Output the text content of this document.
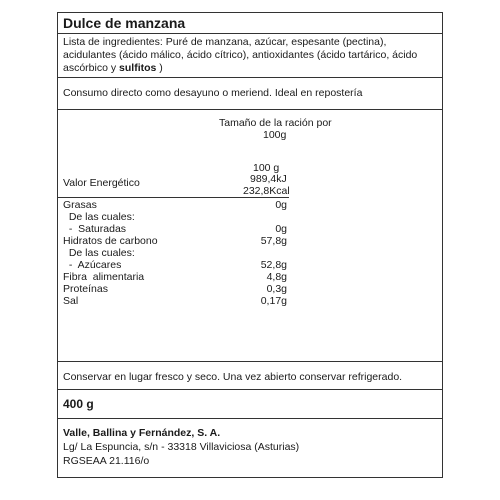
Dulce de manzana
Lista de ingredientes: Puré de manzana, azúcar, espesante (pectina),
acidulantes (ácido málico, ácido cítrico), antioxidantes (ácido tartárico, ácido
ascórbico y sulfitos )
Consumo directo como desayuno o meriend. Ideal en repostería
Tamaño de la ración por
100g
100 g
Valor Energético	989,4kJ
232,8Kcal
Grasas	0g
De las cuales:
-  Saturadas	0g
Hidratos de carbono	57,8g
De las cuales:
-  Azúcares	52,8g
Fibra  alimentaria	4,8g
Proteínas	0,3g
Sal	0,17g
Conservar en lugar fresco y seco. Una vez abierto conservar refrigerado.
400 g
Valle, Ballina y Fernández, S. A.
Lg/ La Espuncia, s/n - 33318 Villaviciosa (Asturias)
RGSEAA 21.116/o
